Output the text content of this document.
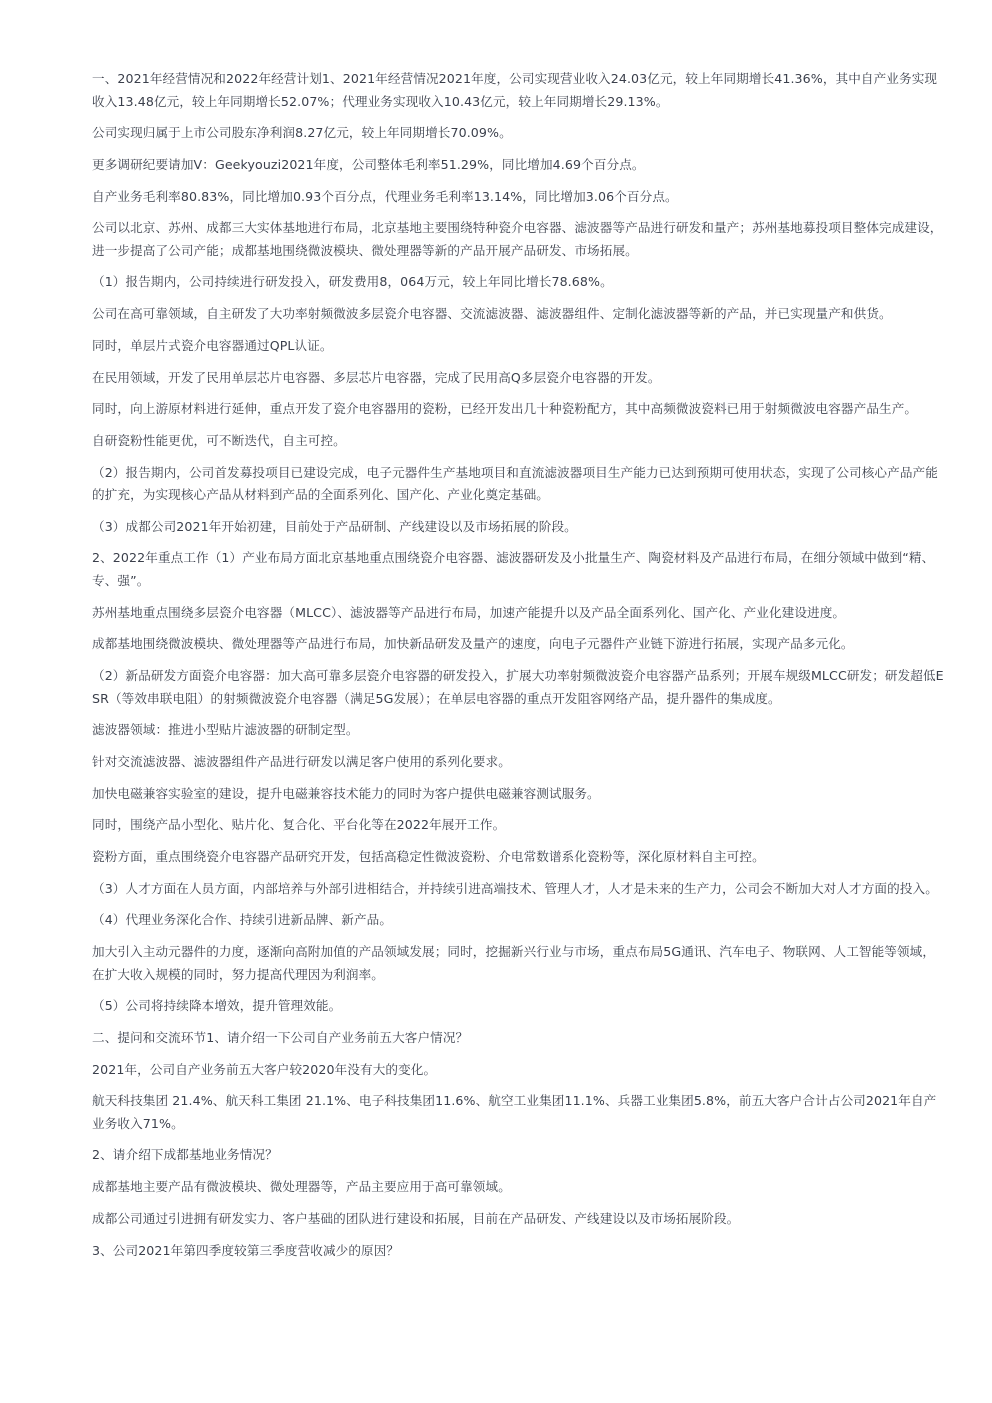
一、2021年经营情况和2022年经营计划1、2021年经营情况2021年度，公司实现营业收入24.03亿元，较上年同期增长41.36%，其中自产业务实现收入13.48亿元，较上年同期增长52.07%；代理业务实现收入10.43亿元，较上年同期增长29.13%。

公司实现归属于上市公司股东净利润8.27亿元，较上年同期增长70.09%。

更多调研纪要请加V：Geekyouzi2021年度，公司整体毛利率51.29%，同比增加4.69个百分点。

自产业务毛利率80.83%，同比增加0.93个百分点，代理业务毛利率13.14%，同比增加3.06个百分点。

公司以北京、苏州、成都三大实体基地进行布局，北京基地主要围绕特种瓷介电容器、滤波器等产品进行研发和量产；苏州基地募投项目整体完成建设，进一步提高了公司产能；成都基地围绕微波模块、微处理器等新的产品开展产品研发、市场拓展。

（1）报告期内，公司持续进行研发投入，研发费用8，064万元，较上年同比增长78.68%。

公司在高可靠领域，自主研发了大功率射频微波多层瓷介电容器、交流滤波器、滤波器组件、定制化滤波器等新的产品，并已实现量产和供货。

同时，单层片式瓷介电容器通过QPL认证。

在民用领域，开发了民用单层芯片电容器、多层芯片电容器，完成了民用高Q多层瓷介电容器的开发。

同时，向上游原材料进行延伸，重点开发了瓷介电容器用的瓷粉，已经开发出几十种瓷粉配方，其中高频微波瓷料已用于射频微波电容器产品生产。

自研瓷粉性能更优，可不断迭代，自主可控。

（2）报告期内，公司首发募投项目已建设完成，电子元器件生产基地项目和直流滤波器项目生产能力已达到预期可使用状态，实现了公司核心产品产能的扩充，为实现核心产品从材料到产品的全面系列化、国产化、产业化奠定基础。

（3）成都公司2021年开始初建，目前处于产品研制、产线建设以及市场拓展的阶段。

2、2022年重点工作（1）产业布局方面北京基地重点围绕瓷介电容器、滤波器研发及小批量生产、陶瓷材料及产品进行布局，在细分领域中做到“精、专、强”。

苏州基地重点围绕多层瓷介电容器（MLCC）、滤波器等产品进行布局，加速产能提升以及产品全面系列化、国产化、产业化建设进度。

成都基地围绕微波模块、微处理器等产品进行布局，加快新品研发及量产的速度，向电子元器件产业链下游进行拓展，实现产品多元化。

（2）新品研发方面瓷介电容器：加大高可靠多层瓷介电容器的研发投入，扩展大功率射频微波瓷介电容器产品系列；开展车规级MLCC研发；研发超低ESR（等效串联电阻）的射频微波瓷介电容器（满足5G发展）；在单层电容器的重点开发阻容网络产品，提升器件的集成度。

滤波器领域：推进小型贴片滤波器的研制定型。

针对交流滤波器、滤波器组件产品进行研发以满足客户使用的系列化要求。

加快电磁兼容实验室的建设，提升电磁兼容技术能力的同时为客户提供电磁兼容测试服务。

同时，围绕产品小型化、贴片化、复合化、平台化等在2022年展开工作。

瓷粉方面，重点围绕瓷介电容器产品研究开发，包括高稳定性微波瓷粉、介电常数谱系化瓷粉等，深化原材料自主可控。

（3）人才方面在人员方面，内部培养与外部引进相结合，并持续引进高端技术、管理人才，人才是未来的生产力，公司会不断加大对人才方面的投入。

（4）代理业务深化合作、持续引进新品牌、新产品。

加大引入主动元器件的力度，逐渐向高附加值的产品领域发展；同时，挖掘新兴行业与市场，重点布局5G通讯、汽车电子、物联网、人工智能等领域，在扩大收入规模的同时，努力提高代理因为利润率。

（5）公司将持续降本增效，提升管理效能。

二、提问和交流环节1、请介绍一下公司自产业务前五大客户情况？

2021年，公司自产业务前五大客户较2020年没有大的变化。

航天科技集团 21.4%、航天科工集团 21.1%、电子科技集团11.6%、航空工业集团11.1%、兵器工业集团5.8%，前五大客户合计占公司2021年自产业务收入71%。

2、请介绍下成都基地业务情况？

成都基地主要产品有微波模块、微处理器等，产品主要应用于高可靠领域。

成都公司通过引进拥有研发实力、客户基础的团队进行建设和拓展，目前在产品研发、产线建设以及市场拓展阶段。

3、公司2021年第四季度较第三季度营收减少的原因？
